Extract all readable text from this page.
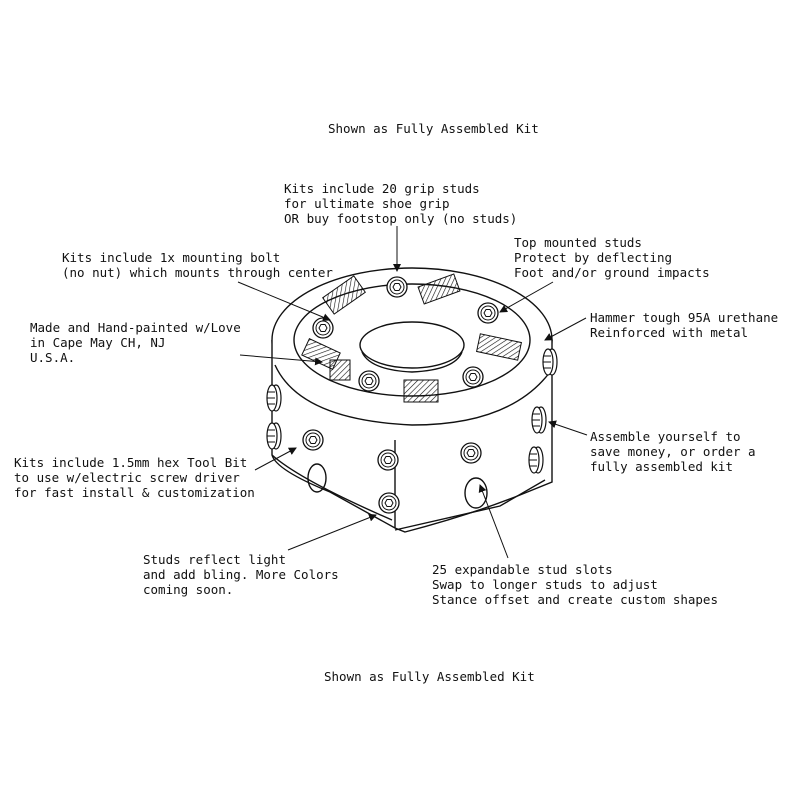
Shown as Fully Assembled Kit
Kits include 20 grip studs
for ultimate shoe grip
OR buy footstop only (no studs)
Kits include 1x mounting bolt
(no nut) which mounts through center
Top mounted studs
Protect by deflecting
Foot and/or ground impacts
Made and Hand-painted w/Love
in Cape May CH, NJ
U.S.A.
Hammer tough 95A urethane
Reinforced with metal
Assemble yourself to
save money, or order a
fully assembled kit
Kits include 1.5mm hex Tool Bit
to use w/electric screw driver
for fast install & customization
Studs reflect light
and add bling. More Colors
coming soon.
25 expandable stud slots
Swap to longer studs to adjust
Stance offset and create custom shapes
Shown as Fully Assembled Kit
